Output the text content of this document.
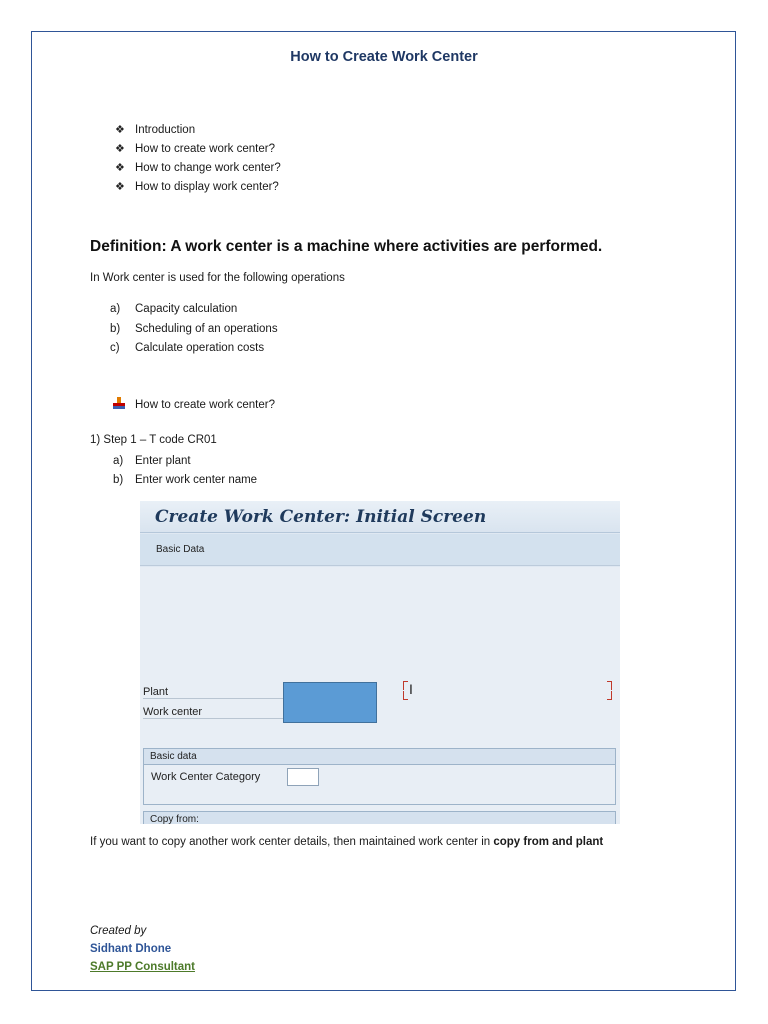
How to Create Work Center
❖ Introduction
❖ How to create work center?
❖ How to change work center?
❖ How to display work center?
Definition: A work center is a machine where activities are performed.
In Work center is used for the following operations
a) Capacity calculation
b) Scheduling of an operations
c) Calculate operation costs
How to create work center?
1) Step 1 – T code CR01
a) Enter plant
b) Enter work center name
Create Work Center: Initial Screen
Basic Data
Plant
Work center
I
Basic data
Work Center Category
Copy from:
If you want to copy another work center details, then maintained work center in copy from and plant
Created by
Sidhant Dhone
SAP PP Consultant
